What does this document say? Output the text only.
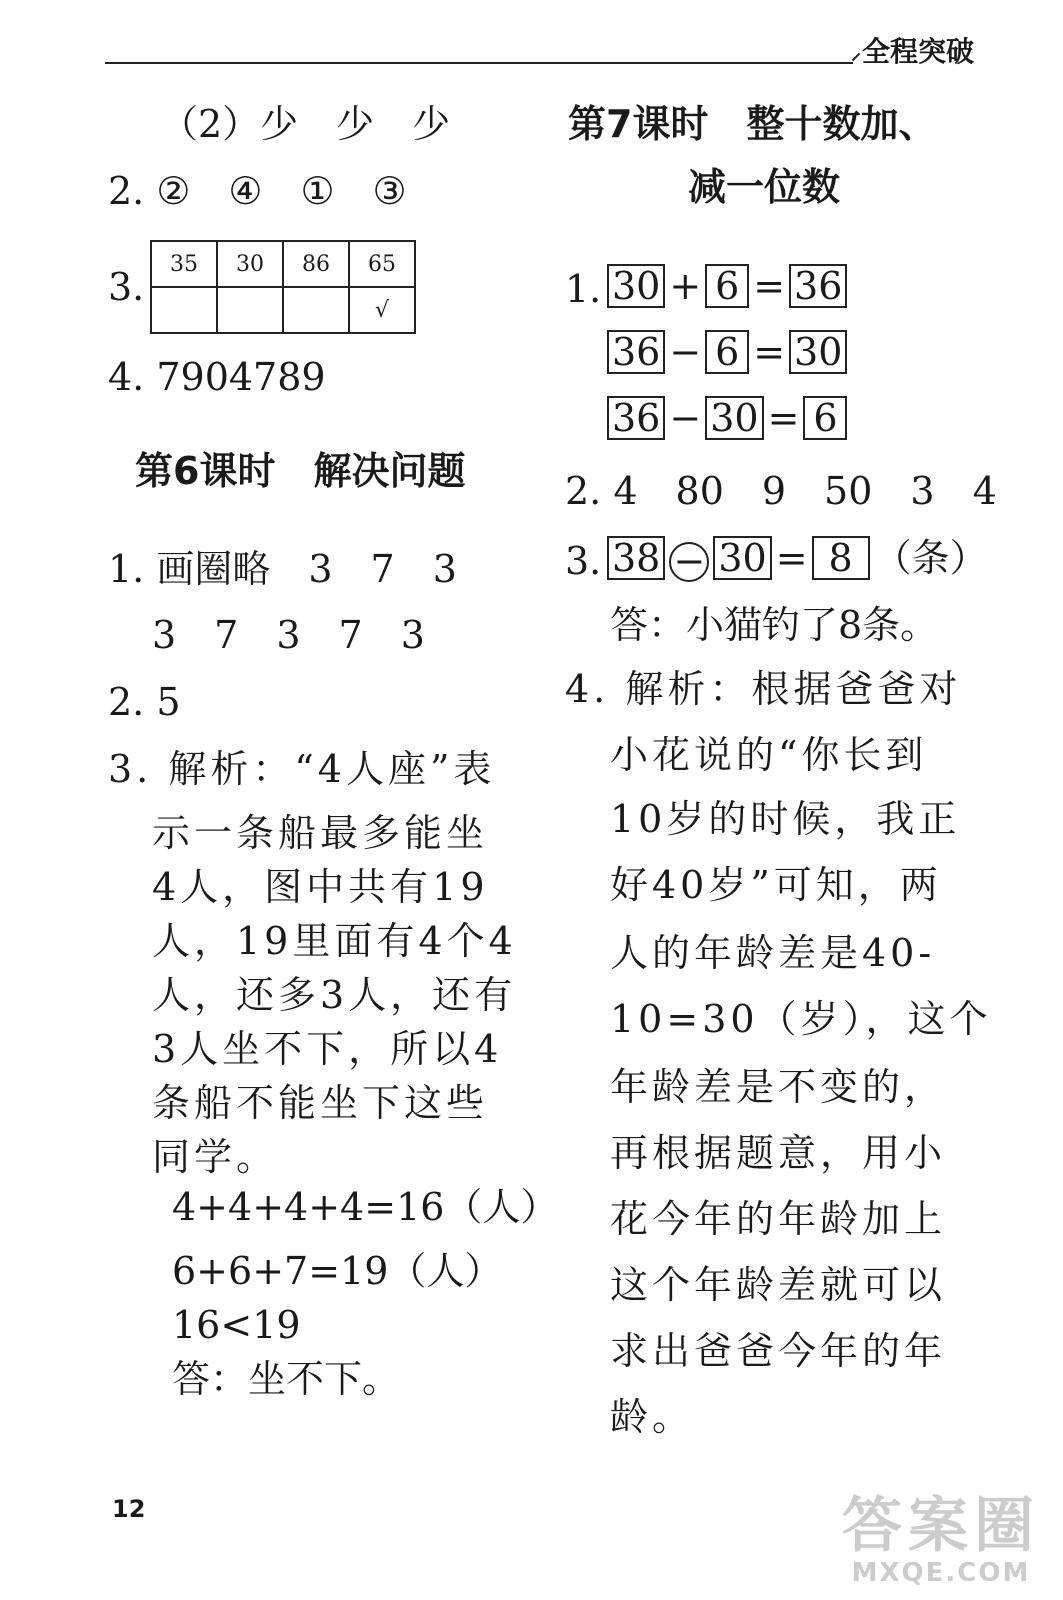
全程突破
（2）少　少　少
2. ②　④　①　③
3.
35	30	86	65
			√
4. 7904789
第6课时　解决问题
1. 画圈略　3　7　3
3　7　3　7　3
2. 5
3. 解析：“4人座”表
示一条船最多能坐
4人，图中共有19
人，19里面有4个4
人，还多3人，还有
3人坐不下，所以4
条船不能坐下这些
同学。
4+4+4+4=16（人）
6+6+7=19（人）
16<19
答：坐不下。
第7课时　整十数加、
减一位数
1. 30 + 6 = 36
36 − 6 = 30
36 − 30 = 6
2. 4　80　9　50　3　4
3. 38 − 30 = 8 （条）
答：小猫钓了8条。
4. 解析：根据爸爸对
小花说的“你长到
10岁的时候，我正
好40岁”可知，两
人的年龄差是40-
10=30（岁），这个
年龄差是不变的，
再根据题意，用小
花今年的年龄加上
这个年龄差就可以
求出爸爸今年的年
龄。
12	答案圈
MXQE.COM
